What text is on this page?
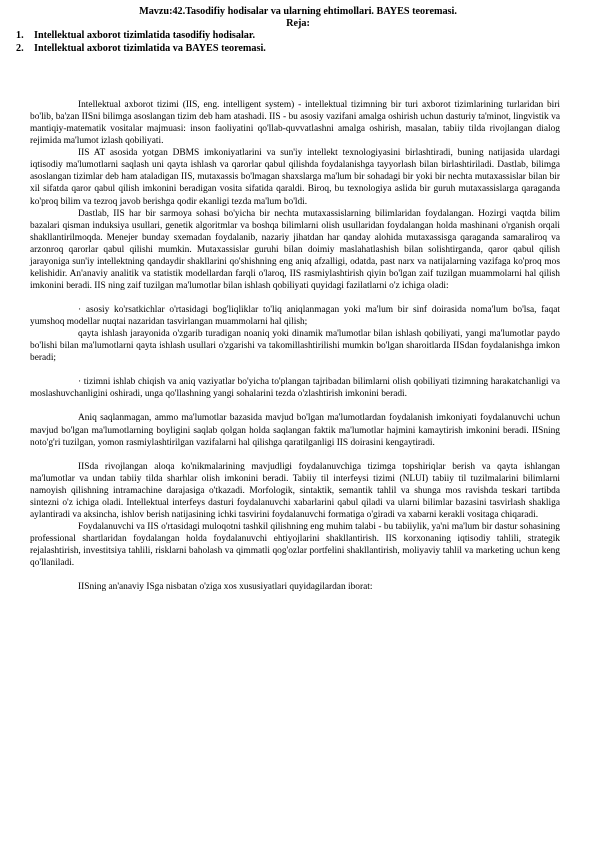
Mavzu:42.Tasodifiy hodisalar va ularning ehtimollari. BAYES teoremasi.
Reja:
1. Intellektual axborot tizimlatida tasodifiy hodisalar.
2. Intellektual axborot tizimlatida va BAYES teoremasi.

Intellektual axborot tizimi (IIS, eng. intelligent system) - intellektual tizimning bir turi axborot tizimlarining turlaridan biri bo'lib, ba'zan IISni bilimga asoslangan tizim deb ham atashadi. IIS - bu asosiy vazifani amalga oshirish uchun dasturiy ta'minot, lingvistik va mantiqiy-matematik vositalar majmuasi: inson faoliyatini qo'llab-quvvatlashni amalga oshirish, masalan, tabiiy tilda rivojlangan dialog rejimida ma'lumot izlash qobiliyati.

IIS AT asosida yotgan DBMS imkoniyatlarini va sun'iy intellekt texnologiyasini birlashtiradi, buning natijasida ulardagi iqtisodiy ma'lumotlarni saqlash uni qayta ishlash va qarorlar qabul qilishda foydalanishga tayyorlash bilan birlashtiriladi. Dastlab, bilimga asoslangan tizimlar deb ham ataladigan IIS, mutaxassis bo'lmagan shaxslarga ma'lum bir sohadagi bir yoki bir nechta mutaxassislar bilan bir xil sifatda qaror qabul qilish imkonini beradigan vosita sifatida qaraldi. Biroq, bu texnologiya aslida bir guruh mutaxassislarga qaraganda ko'proq bilim va tezroq javob berishga qodir ekanligi tezda ma'lum bo'ldi.

Dastlab, IIS har bir sarmoya sohasi bo'yicha bir nechta mutaxassislarning bilimlaridan foydalangan. Hozirgi vaqtda bilim bazalari qisman induksiya usullari, genetik algoritmlar va boshqa bilimlarni olish usullaridan foydalangan holda mashinani o'rganish orqali shakllantirilmoqda. Menejer bunday sxemadan foydalanib, nazariy jihatdan har qanday alohida mutaxassisga qaraganda samaraliroq va arzonroq qarorlar qabul qilishi mumkin. Mutaxassislar guruhi bilan doimiy maslahatlashish bilan solishtirganda, qaror qabul qilish jarayoniga sun'iy intellektning qandaydir shakllarini qo'shishning eng aniq afzalligi, odatda, past narx va natijalarning vazifaga ko'proq mos kelishidir. An'anaviy analitik va statistik modellardan farqli o'laroq, IIS rasmiylashtirish qiyin bo'lgan zaif tuzilgan muammolarni hal qilish imkonini beradi. IIS ning zaif tuzilgan ma'lumotlar bilan ishlash qobiliyati quyidagi fazilatlarni o'z ichiga oladi:

· asosiy ko'rsatkichlar o'rtasidagi bog'liqliklar to'liq aniqlanmagan yoki ma'lum bir sinf doirasida noma'lum bo'lsa, faqat yumshoq modellar nuqtai nazaridan tasvirlangan muammolarni hal qilish;

qayta ishlash jarayonida o'zgarib turadigan noaniq yoki dinamik ma'lumotlar bilan ishlash qobiliyati, yangi ma'lumotlar paydo bo'lishi bilan ma'lumotlarni qayta ishlash usullari o'zgarishi va takomillashtirilishi mumkin bo'lgan sharoitlarda IISdan foydalanishga imkon beradi;

· tizimni ishlab chiqish va aniq vaziyatlar bo'yicha to'plangan tajribadan bilimlarni olish qobiliyati tizimning harakatchanligi va moslashuvchanligini oshiradi, unga qo'llashning yangi sohalarini tezda o'zlashtirish imkonini beradi.

Aniq saqlanmagan, ammo ma'lumotlar bazasida mavjud bo'lgan ma'lumotlardan foydalanish imkoniyati foydalanuvchi uchun mavjud bo'lgan ma'lumotlarning boyligini saqlab qolgan holda saqlangan faktik ma'lumotlar hajmini kamaytirish imkonini beradi. IISning noto'g'ri tuzilgan, yomon rasmiylashtirilgan vazifalarni hal qilishga qaratilganligi IIS doirasini kengaytiradi.

IISda rivojlangan aloqa ko'nikmalarining mavjudligi foydalanuvchiga tizimga topshiriqlar berish va qayta ishlangan ma'lumotlar va undan tabiiy tilda sharhlar olish imkonini beradi. Tabiiy til interfeysi tizimi (NLUI) tabiiy til tuzilmalarini bilimlarni namoyish qilishning intramachine darajasiga o'tkazadi. Morfologik, sintaktik, semantik tahlil va shunga mos ravishda teskari tartibda sintezni o'z ichiga oladi. Intellektual interfeys dasturi foydalanuvchi xabarlarini qabul qiladi va ularni bilimlar bazasini tasvirlash shakliga aylantiradi va aksincha, ishlov berish natijasining ichki tasvirini foydalanuvchi formatiga o'giradi va xabarni kerakli vositaga chiqaradi.

Foydalanuvchi va IIS o'rtasidagi muloqotni tashkil qilishning eng muhim talabi - bu tabiiylik, ya'ni ma'lum bir dastur sohasining professional shartlaridan foydalangan holda foydalanuvchi ehtiyojlarini shakllantirish. IIS korxonaning iqtisodiy tahlili, strategik rejalashtirish, investitsiya tahlili, risklarni baholash va qimmatli qog'ozlar portfelini shakllantirish, moliyaviy tahlil va marketing uchun keng qo'llaniladi.

IISning an'anaviy ISga nisbatan o'ziga xos xususiyatlari quyidagilardan iborat:
